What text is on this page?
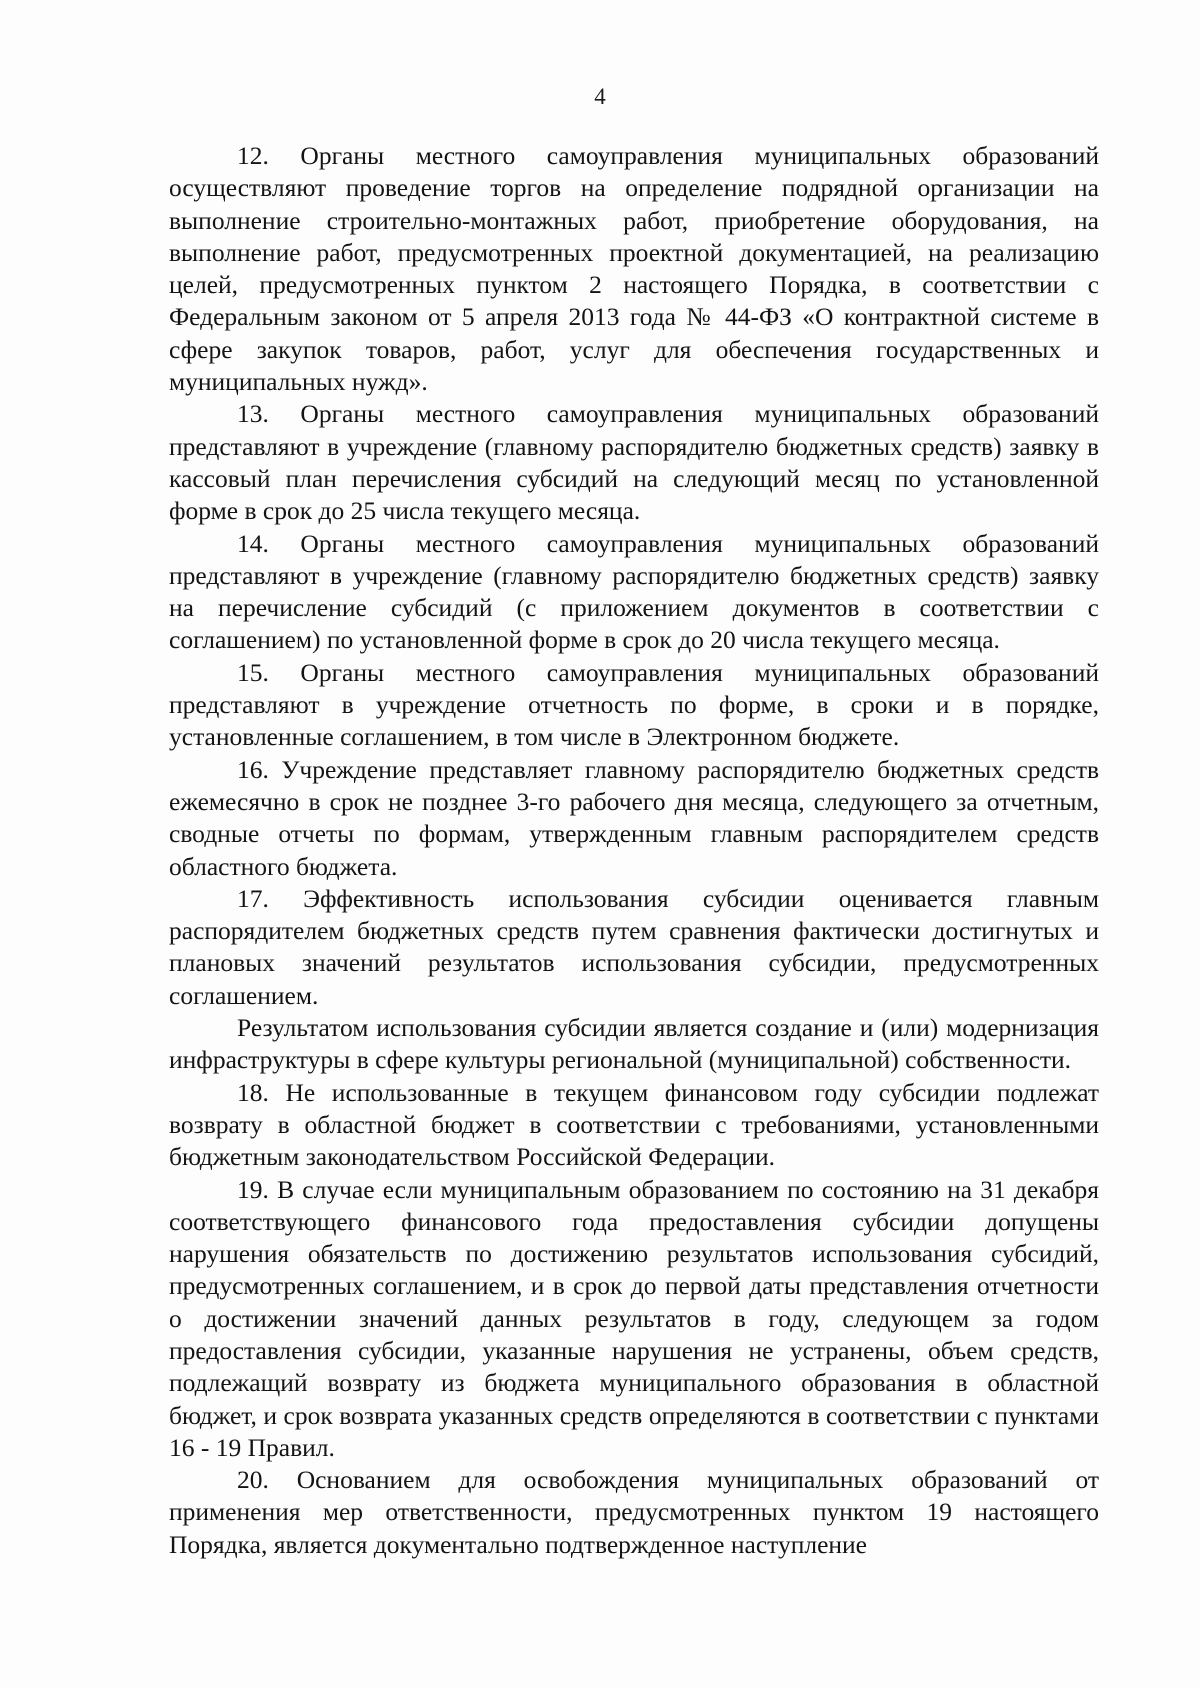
4

12. Органы местного самоуправления муниципальных образований осуществляют проведение торгов на определение подрядной организации на выполнение строительно-монтажных работ, приобретение оборудования, на выполнение работ, предусмотренных проектной документацией, на реализацию целей, предусмотренных пунктом 2 настоящего Порядка, в соответствии с Федеральным законом от 5 апреля 2013 года № 44-ФЗ «О контрактной системе в сфере закупок товаров, работ, услуг для обеспечения государственных и муниципальных нужд».

13. Органы местного самоуправления муниципальных образований представляют в учреждение (главному распорядителю бюджетных средств) заявку в кассовый план перечисления субсидий на следующий месяц по установленной форме в срок до 25 числа текущего месяца.

14. Органы местного самоуправления муниципальных образований представляют в учреждение (главному распорядителю бюджетных средств) заявку на перечисление субсидий (с приложением документов в соответствии с соглашением) по установленной форме в срок до 20 числа текущего месяца.

15. Органы местного самоуправления муниципальных образований представляют в учреждение отчетность по форме, в сроки и в порядке, установленные соглашением, в том числе в Электронном бюджете.

16. Учреждение представляет главному распорядителю бюджетных средств ежемесячно в срок не позднее 3-го рабочего дня месяца, следующего за отчетным, сводные отчеты по формам, утвержденным главным распорядителем средств областного бюджета.

17. Эффективность использования субсидии оценивается главным распорядителем бюджетных средств путем сравнения фактически достигнутых и плановых значений результатов использования субсидии, предусмотренных соглашением.

Результатом использования субсидии является создание и (или) модернизация инфраструктуры в сфере культуры региональной (муниципальной) собственности.

18. Не использованные в текущем финансовом году субсидии подлежат возврату в областной бюджет в соответствии с требованиями, установленными бюджетным законодательством Российской Федерации.

19. В случае если муниципальным образованием по состоянию на 31 декабря соответствующего финансового года предоставления субсидии допущены нарушения обязательств по достижению результатов использования субсидий, предусмотренных соглашением, и в срок до первой даты представления отчетности о достижении значений данных результатов в году, следующем за годом предоставления субсидии, указанные нарушения не устранены, объем средств, подлежащий возврату из бюджета муниципального образования в областной бюджет, и срок возврата указанных средств определяются в соответствии с пунктами 16 - 19 Правил.

20. Основанием для освобождения муниципальных образований от применения мер ответственности, предусмотренных пунктом 19 настоящего Порядка, является документально подтвержденное наступление
